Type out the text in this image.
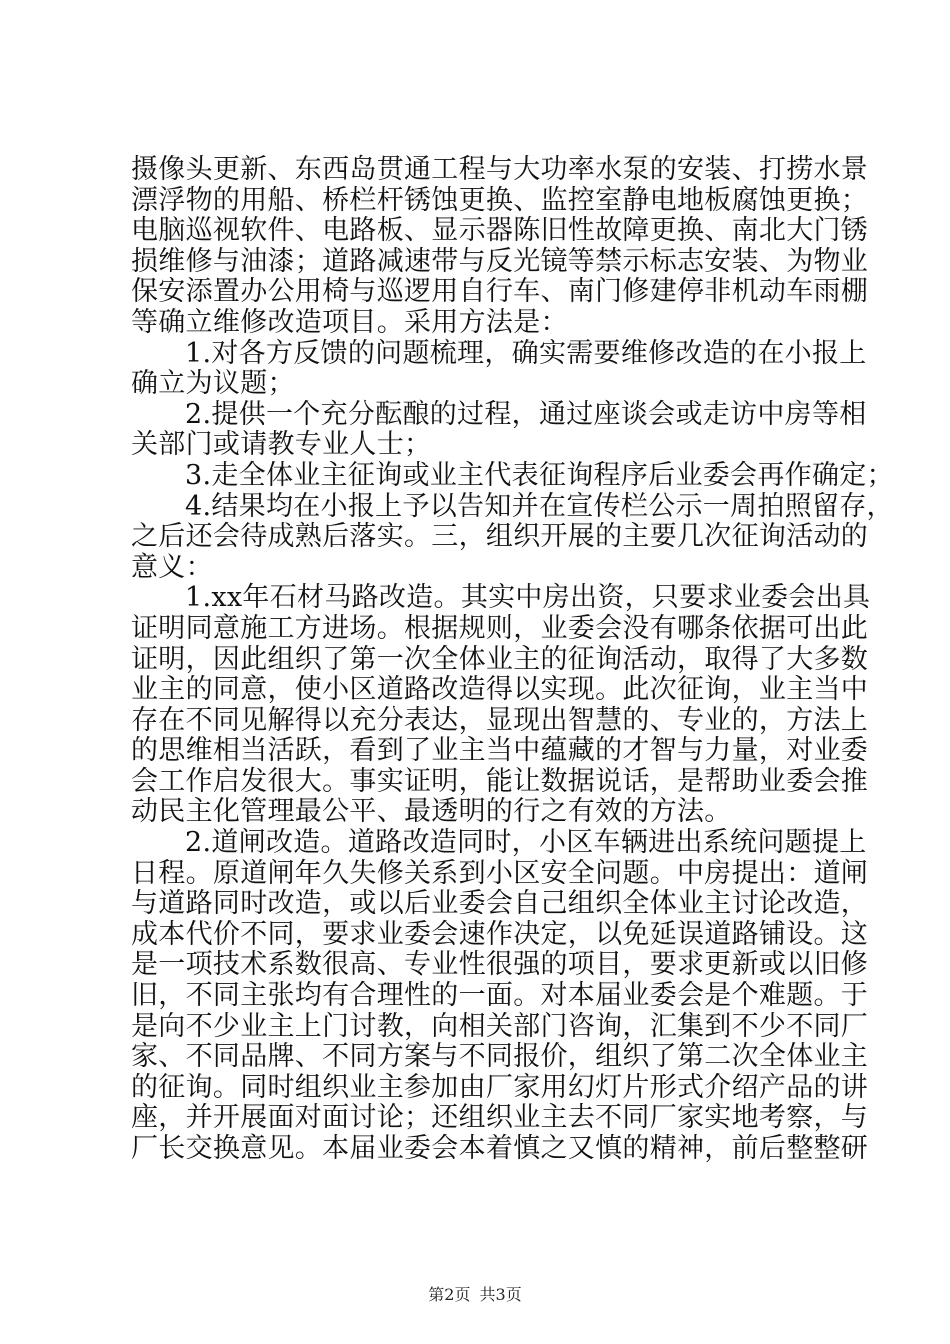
摄像头更新、东西岛贯通工程与大功率水泵的安装、打捞水景
漂浮物的用船、桥栏杆锈蚀更换、监控室静电地板腐蚀更换；
电脑巡视软件、电路板、显示器陈旧性故障更换、南北大门锈
损维修与油漆；道路减速带与反光镜等禁示标志安装、为物业
保安添置办公用椅与巡逻用自行车、南门修建停非机动车雨棚
等确立维修改造项目。采用方法是：
1.对各方反馈的问题梳理，确实需要维修改造的在小报上
确立为议题；
2.提供一个充分酝酿的过程，通过座谈会或走访中房等相
关部门或请教专业人士；
3.走全体业主征询或业主代表征询程序后业委会再作确定；
4.结果均在小报上予以告知并在宣传栏公示一周拍照留存，
之后还会待成熟后落实。三，组织开展的主要几次征询活动的
意义：
1.xx年石材马路改造。其实中房出资，只要求业委会出具
证明同意施工方进场。根据规则，业委会没有哪条依据可出此
证明，因此组织了第一次全体业主的征询活动，取得了大多数
业主的同意，使小区道路改造得以实现。此次征询，业主当中
存在不同见解得以充分表达，显现出智慧的、专业的，方法上
的思维相当活跃，看到了业主当中蕴藏的才智与力量，对业委
会工作启发很大。事实证明，能让数据说话，是帮助业委会推
动民主化管理最公平、最透明的行之有效的方法。
2.道闸改造。道路改造同时，小区车辆进出系统问题提上
日程。原道闸年久失修关系到小区安全问题。中房提出：道闸
与道路同时改造，或以后业委会自己组织全体业主讨论改造，
成本代价不同，要求业委会速作决定，以免延误道路铺设。这
是一项技术系数很高、专业性很强的项目，要求更新或以旧修
旧，不同主张均有合理性的一面。对本届业委会是个难题。于
是向不少业主上门讨教，向相关部门咨询，汇集到不少不同厂
家、不同品牌、不同方案与不同报价，组织了第二次全体业主
的征询。同时组织业主参加由厂家用幻灯片形式介绍产品的讲
座，并开展面对面讨论；还组织业主去不同厂家实地考察，与
厂长交换意见。本届业委会本着慎之又慎的精神，前后整整研
第2页 共3页
